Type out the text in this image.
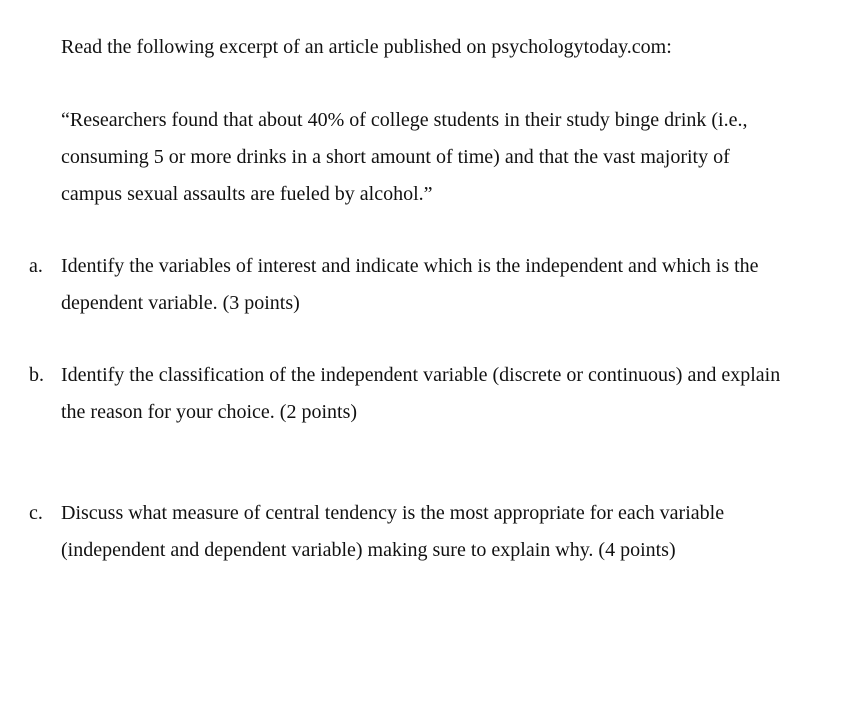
Read the following excerpt of an article published on psychologytoday.com:
“Researchers found that about 40% of college students in their study binge drink (i.e.,
consuming 5 or more drinks in a short amount of time) and that the vast majority of
campus sexual assaults are fueled by alcohol.”
a. Identify the variables of interest and indicate which is the independent and which is the
dependent variable. (3 points)
b. Identify the classification of the independent variable (discrete or continuous) and explain
the reason for your choice. (2 points)
c. Discuss what measure of central tendency is the most appropriate for each variable
(independent and dependent variable) making sure to explain why. (4 points)
